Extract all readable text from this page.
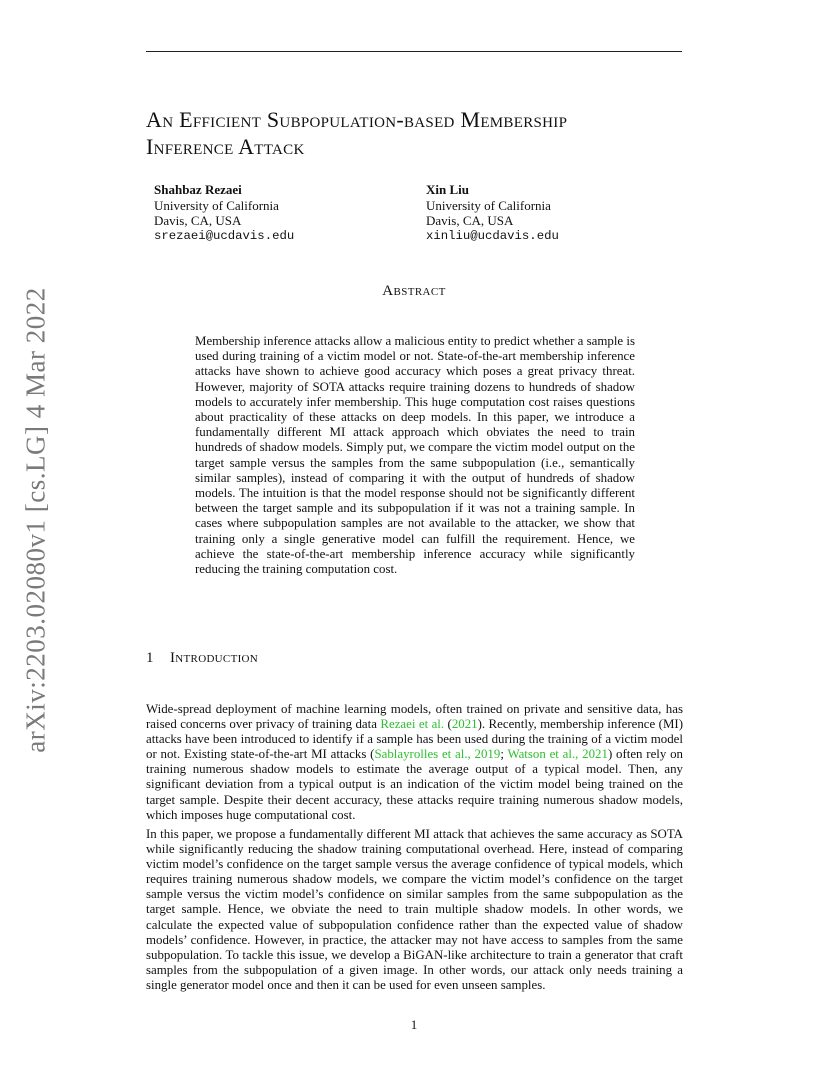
arXiv:2203.02080v1 [cs.LG] 4 Mar 2022
An Efficient Subpopulation-based Membership
Inference Attack
Shahbaz Rezaei
University of California
Davis, CA, USA
srezaei@ucdavis.edu
Xin Liu
University of California
Davis, CA, USA
xinliu@ucdavis.edu
Abstract
Membership inference attacks allow a malicious entity to predict whether a sample is used during training of a victim model or not. State-of-the-art membership inference attacks have shown to achieve good accuracy which poses a great privacy threat. However, majority of SOTA attacks require training dozens to hundreds of shadow models to accurately infer membership. This huge computation cost raises questions about practicality of these attacks on deep models. In this paper, we introduce a fundamentally different MI attack approach which obviates the need to train hundreds of shadow models. Simply put, we compare the victim model output on the target sample versus the samples from the same subpopulation (i.e., semantically similar samples), instead of comparing it with the output of hundreds of shadow models. The intuition is that the model response should not be significantly different between the target sample and its subpopulation if it was not a training sample. In cases where subpopulation samples are not available to the attacker, we show that training only a single generative model can fulfill the requirement. Hence, we achieve the state-of-the-art membership inference accuracy while significantly reducing the training computation cost.
1 Introduction
Wide-spread deployment of machine learning models, often trained on private and sensitive data, has raised concerns over privacy of training data Rezaei et al. (2021). Recently, membership inference (MI) attacks have been introduced to identify if a sample has been used during the training of a victim model or not. Existing state-of-the-art MI attacks (Sablayrolles et al., 2019; Watson et al., 2021) often rely on training numerous shadow models to estimate the average output of a typical model. Then, any significant deviation from a typical output is an indication of the victim model being trained on the target sample. Despite their decent accuracy, these attacks require training numerous shadow models, which imposes huge computational cost.
In this paper, we propose a fundamentally different MI attack that achieves the same accuracy as SOTA while significantly reducing the shadow training computational overhead. Here, instead of comparing victim model’s confidence on the target sample versus the average confidence of typical models, which requires training numerous shadow models, we compare the victim model’s confidence on the target sample versus the victim model’s confidence on similar samples from the same subpopulation as the target sample. Hence, we obviate the need to train multiple shadow models. In other words, we calculate the expected value of subpopulation confidence rather than the expected value of shadow models’ confidence. However, in practice, the attacker may not have access to samples from the same subpopulation. To tackle this issue, we develop a BiGAN-like architecture to train a generator that craft samples from the subpopulation of a given image. In other words, our attack only needs training a single generator model once and then it can be used for even unseen samples.
1
